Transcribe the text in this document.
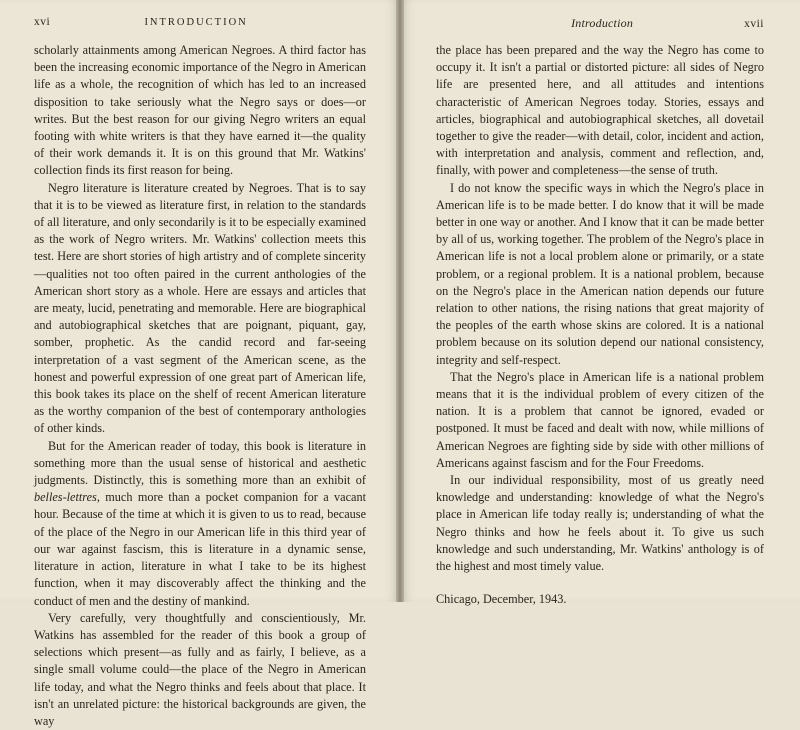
xvi	INTRODUCTION

scholarly attainments among American Negroes. A third factor has been the increasing economic importance of the Negro in American life as a whole, the recognition of which has led to an increased disposition to take seriously what the Negro says or does—or writes. But the best reason for our giving Negro writers an equal footing with white writers is that they have earned it—the quality of their work demands it. It is on this ground that Mr. Watkins' collection finds its first reason for being.

Negro literature is literature created by Negroes. That is to say that it is to be viewed as literature first, in relation to the standards of all literature, and only secondarily is it to be especially examined as the work of Negro writers. Mr. Watkins' collection meets this test. Here are short stories of high artistry and of complete sincerity —qualities not too often paired in the current anthologies of the American short story as a whole. Here are essays and articles that are meaty, lucid, penetrating and memorable. Here are biographical and autobiographical sketches that are poignant, piquant, gay, somber, prophetic. As the candid record and far-seeing interpretation of a vast segment of the American scene, as the honest and powerful expression of one great part of American life, this book takes its place on the shelf of recent American literature as the worthy companion of the best of contemporary anthologies of other kinds.

But for the American reader of today, this book is literature in something more than the usual sense of historical and aesthetic judgments. Distinctly, this is something more than an exhibit of belles-lettres, much more than a pocket companion for a vacant hour. Because of the time at which it is given to us to read, because of the place of the Negro in our American life in this third year of our war against fascism, this is literature in a dynamic sense, literature in action, literature in what I take to be its highest function, when it may discoverably affect the thinking and the conduct of men and the destiny of mankind.

Very carefully, very thoughtfully and conscientiously, Mr. Watkins has assembled for the reader of this book a group of selections which present—as fully and as fairly, I believe, as a single small volume could—the place of the Negro in American life today, and what the Negro thinks and feels about that place. It isn't an unrelated picture: the historical backgrounds are given, the way

Introduction	xvii

the place has been prepared and the way the Negro has come to occupy it. It isn't a partial or distorted picture: all sides of Negro life are presented here, and all attitudes and intentions characteristic of American Negroes today. Stories, essays and articles, biographical and autobiographical sketches, all dovetail together to give the reader—with detail, color, incident and action, with interpretation and analysis, comment and reflection, and, finally, with power and completeness—the sense of truth.

I do not know the specific ways in which the Negro's place in American life is to be made better. I do know that it will be made better in one way or another. And I know that it can be made better by all of us, working together. The problem of the Negro's place in American life is not a local problem alone or primarily, or a state problem, or a regional problem. It is a national problem, because on the Negro's place in the American nation depends our future relation to other nations, the rising nations that great majority of the peoples of the earth whose skins are colored. It is a national problem because on its solution depend our national consistency, integrity and self-respect.

That the Negro's place in American life is a national problem means that it is the individual problem of every citizen of the nation. It is a problem that cannot be ignored, evaded or postponed. It must be faced and dealt with now, while millions of American Negroes are fighting side by side with other millions of Americans against fascism and for the Four Freedoms.

In our individual responsibility, most of us greatly need knowledge and understanding: knowledge of what the Negro's place in American life today really is; understanding of what the Negro thinks and how he feels about it. To give us such knowledge and such understanding, Mr. Watkins' anthology is of the highest and most timely value.

Chicago, December, 1943.
